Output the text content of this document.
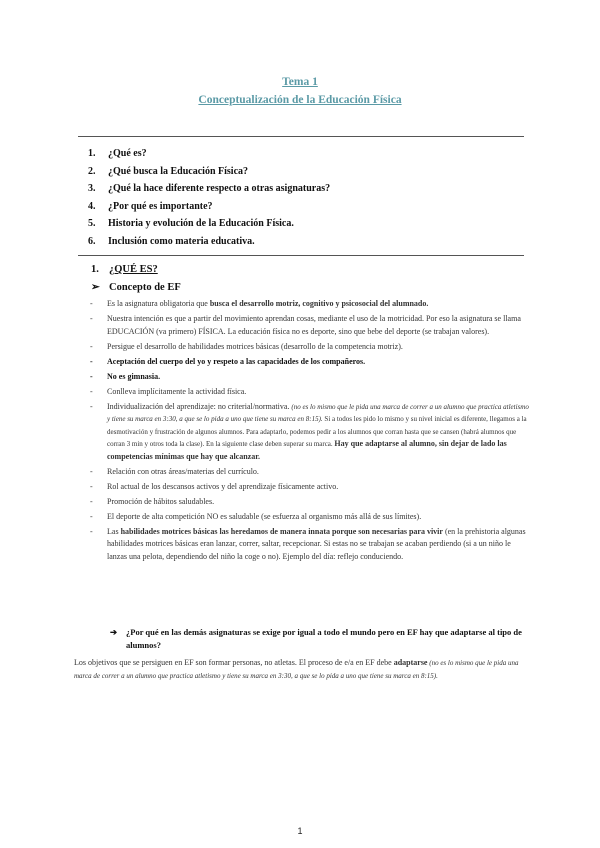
Tema 1
Conceptualización de la Educación Física
1. ¿Qué es?
2. ¿Qué busca la Educación Física?
3. ¿Qué la hace diferente respecto a otras asignaturas?
4. ¿Por qué es importante?
5. Historia y evolución de la Educación Física.
6. Inclusión como materia educativa.
1. ¿QUÉ ES?
➢ Concepto de EF
- Es la asignatura obligatoria que busca el desarrollo motriz, cognitivo y psicosocial del alumnado.
- Nuestra intención es que a partir del movimiento aprendan cosas, mediante el uso de la motricidad. Por eso la asignatura se llama EDUCACIÓN (va primero) FÍSICA. La educación física no es deporte, sino que bebe del deporte (se trabajan valores).
- Persigue el desarrollo de habilidades motrices básicas (desarrollo de la competencia motriz).
- Aceptación del cuerpo del yo y respeto a las capacidades de los compañeros.
- No es gimnasia.
- Conlleva implícitamente la actividad física.
- Individualización del aprendizaje: no criterial/normativa. (no es lo mismo que le pida una marca de correr a un alumno que practica atletismo y tiene su marca en 3:30, a que se lo pida a uno que tiene su marca en 8:15). Si a todos les pido lo mismo y su nivel inicial es diferente, llegamos a la desmotivación y frustración de algunos alumnos. Para adaptarlo, podemos pedir a los alumnos que corran hasta que se cansen (habrá alumnos que corran 3 min y otros toda la clase). En la siguiente clase deben superar su marca. Hay que adaptarse al alumno, sin dejar de lado las competencias mínimas que hay que alcanzar.
- Relación con otras áreas/materias del currículo.
- Rol actual de los descansos activos y del aprendizaje físicamente activo.
- Promoción de hábitos saludables.
- El deporte de alta competición NO es saludable (se esfuerza al organismo más allá de sus límites).
- Las habilidades motrices básicas las heredamos de manera innata porque son necesarias para vivir (en la prehistoria algunas habilidades motrices básicas eran lanzar, correr, saltar, recepcionar. Si estas no se trabajan se acaban perdiendo (si a un niño le lanzas una pelota, dependiendo del niño la coge o no). Ejemplo del día: reflejo conduciendo.
➔ ¿Por qué en las demás asignaturas se exige por igual a todo el mundo pero en EF hay que adaptarse al tipo de alumnos?
Los objetivos que se persiguen en EF son formar personas, no atletas. El proceso de e/a en EF debe adaptarse (no es lo mismo que le pida una marca de correr a un alumno que practica atletismo y tiene su marca en 3:30, a que se lo pida a uno que tiene su marca en 8:15).
1
